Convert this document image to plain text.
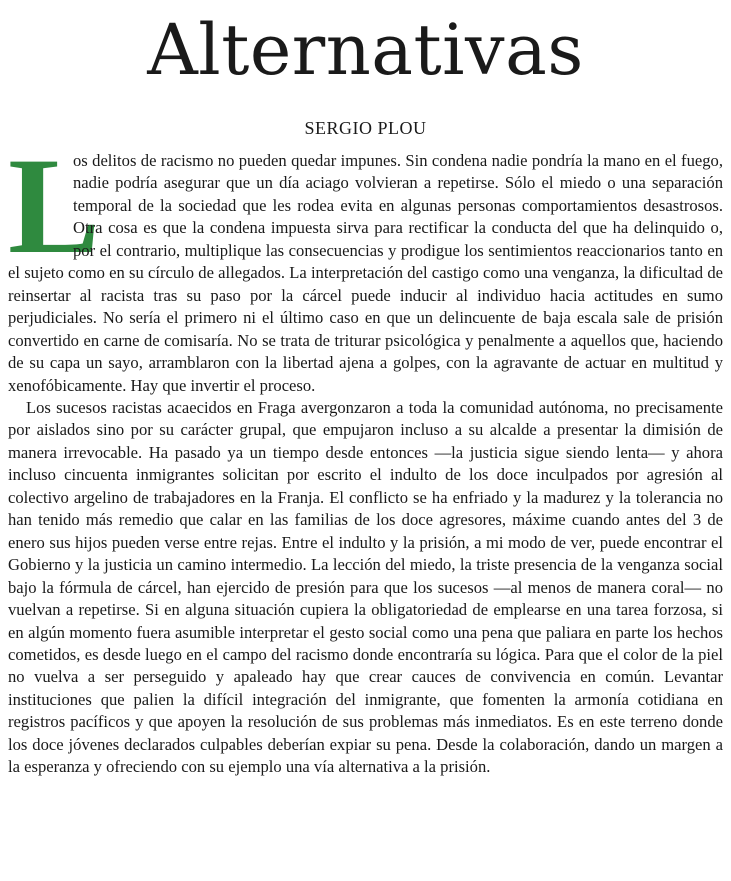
Alternativas
SERGIO PLOU

L
os delitos de racismo no pueden quedar impunes. Sin condena nadie pondría la mano en el fuego, nadie podría asegurar que un día aciago volvieran a repetirse. Sólo el miedo o una separación temporal de la sociedad que les rodea evita en algunas personas comportamientos desastrosos. Otra cosa es que la condena impuesta sirva para rectificar la conducta del que ha delinquido o, por el contrario, multiplique las consecuencias y prodigue los sentimientos reaccionarios tanto en el sujeto como en su círculo de allegados. La interpretación del castigo como una venganza, la dificultad de reinsertar al racista tras su paso por la cárcel puede inducir al individuo hacia actitudes en sumo perjudiciales. No sería el primero ni el último caso en que un delincuente de baja escala sale de prisión convertido en carne de comisaría. No se trata de triturar psicológica y penalmente a aquellos que, haciendo de su capa un sayo, arramblaron con la libertad ajena a golpes, con la agravante de actuar en multitud y xenofóbicamente. Hay que invertir el proceso.

Los sucesos racistas acaecidos en Fraga avergonzaron a toda la comunidad autónoma, no precisamente por aislados sino por su carácter grupal, que empujaron incluso a su alcalde a presentar la dimisión de manera irrevocable. Ha pasado ya un tiempo desde entonces —la justicia sigue siendo lenta— y ahora incluso cincuenta inmigrantes solicitan por escrito el indulto de los doce inculpados por agresión al colectivo argelino de trabajadores en la Franja. El conflicto se ha enfriado y la madurez y la tolerancia no han tenido más remedio que calar en las familias de los doce agresores, máxime cuando antes del 3 de enero sus hijos pueden verse entre rejas. Entre el indulto y la prisión, a mi modo de ver, puede encontrar el Gobierno y la justicia un camino intermedio. La lección del miedo, la triste presencia de la venganza social bajo la fórmula de cárcel, han ejercido de presión para que los sucesos —al menos de manera coral— no vuelvan a repetirse. Si en alguna situación cupiera la obligatoriedad de emplearse en una tarea forzosa, si en algún momento fuera asumible interpretar el gesto social como una pena que paliara en parte los hechos cometidos, es desde luego en el campo del racismo donde encontraría su lógica. Para que el color de la piel no vuelva a ser perseguido y apaleado hay que crear cauces de convivencia en común. Levantar instituciones que palien la difícil integración del inmigrante, que fomenten la armonía cotidiana en registros pacíficos y que apoyen la resolución de sus problemas más inmediatos. Es en este terreno donde los doce jóvenes declarados culpables deberían expiar su pena. Desde la colaboración, dando un margen a la esperanza y ofreciendo con su ejemplo una vía alternativa a la prisión.
